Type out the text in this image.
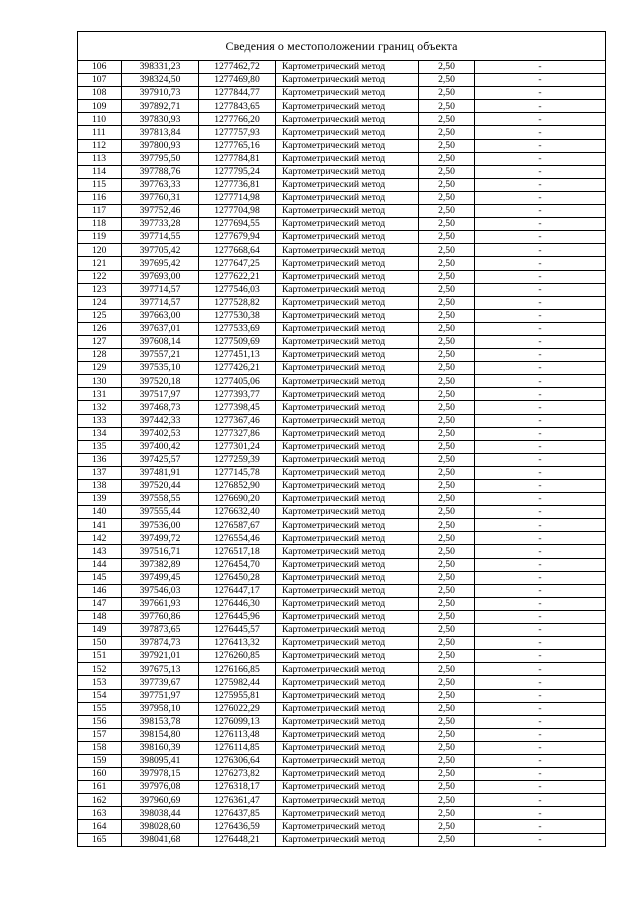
Сведения о местоположении границ объекта					
106	398331,23	1277462,72	Картометрический метод	2,50	-
107	398324,50	1277469,80	Картометрический метод	2,50	-
108	397910,73	1277844,77	Картометрический метод	2,50	-
109	397892,71	1277843,65	Картометрический метод	2,50	-
110	397830,93	1277766,20	Картометрический метод	2,50	-
111	397813,84	1277757,93	Картометрический метод	2,50	-
112	397800,93	1277765,16	Картометрический метод	2,50	-
113	397795,50	1277784,81	Картометрический метод	2,50	-
114	397788,76	1277795,24	Картометрический метод	2,50	-
115	397763,33	1277736,81	Картометрический метод	2,50	-
116	397760,31	1277714,98	Картометрический метод	2,50	-
117	397752,46	1277704,98	Картометрический метод	2,50	-
118	397733,28	1277694,55	Картометрический метод	2,50	-
119	397714,55	1277679,94	Картометрический метод	2,50	-
120	397705,42	1277668,64	Картометрический метод	2,50	-
121	397695,42	1277647,25	Картометрический метод	2,50	-
122	397693,00	1277622,21	Картометрический метод	2,50	-
123	397714,57	1277546,03	Картометрический метод	2,50	-
124	397714,57	1277528,82	Картометрический метод	2,50	-
125	397663,00	1277530,38	Картометрический метод	2,50	-
126	397637,01	1277533,69	Картометрический метод	2,50	-
127	397608,14	1277509,69	Картометрический метод	2,50	-
128	397557,21	1277451,13	Картометрический метод	2,50	-
129	397535,10	1277426,21	Картометрический метод	2,50	-
130	397520,18	1277405,06	Картометрический метод	2,50	-
131	397517,97	1277393,77	Картометрический метод	2,50	-
132	397468,73	1277398,45	Картометрический метод	2,50	-
133	397442,33	1277367,46	Картометрический метод	2,50	-
134	397402,53	1277327,86	Картометрический метод	2,50	-
135	397400,42	1277301,24	Картометрический метод	2,50	-
136	397425,57	1277259,39	Картометрический метод	2,50	-
137	397481,91	1277145,78	Картометрический метод	2,50	-
138	397520,44	1276852,90	Картометрический метод	2,50	-
139	397558,55	1276690,20	Картометрический метод	2,50	-
140	397555,44	1276632,40	Картометрический метод	2,50	-
141	397536,00	1276587,67	Картометрический метод	2,50	-
142	397499,72	1276554,46	Картометрический метод	2,50	-
143	397516,71	1276517,18	Картометрический метод	2,50	-
144	397382,89	1276454,70	Картометрический метод	2,50	-
145	397499,45	1276450,28	Картометрический метод	2,50	-
146	397546,03	1276447,17	Картометрический метод	2,50	-
147	397661,93	1276446,30	Картометрический метод	2,50	-
148	397760,86	1276445,96	Картометрический метод	2,50	-
149	397873,65	1276445,57	Картометрический метод	2,50	-
150	397874,73	1276413,32	Картометрический метод	2,50	-
151	397921,01	1276260,85	Картометрический метод	2,50	-
152	397675,13	1276166,85	Картометрический метод	2,50	-
153	397739,67	1275982,44	Картометрический метод	2,50	-
154	397751,97	1275955,81	Картометрический метод	2,50	-
155	397958,10	1276022,29	Картометрический метод	2,50	-
156	398153,78	1276099,13	Картометрический метод	2,50	-
157	398154,80	1276113,48	Картометрический метод	2,50	-
158	398160,39	1276114,85	Картометрический метод	2,50	-
159	398095,41	1276306,64	Картометрический метод	2,50	-
160	397978,15	1276273,82	Картометрический метод	2,50	-
161	397976,08	1276318,17	Картометрический метод	2,50	-
162	397960,69	1276361,47	Картометрический метод	2,50	-
163	398038,44	1276437,85	Картометрический метод	2,50	-
164	398028,60	1276436,59	Картометрический метод	2,50	-
165	398041,68	1276448,21	Картометрический метод	2,50	-
